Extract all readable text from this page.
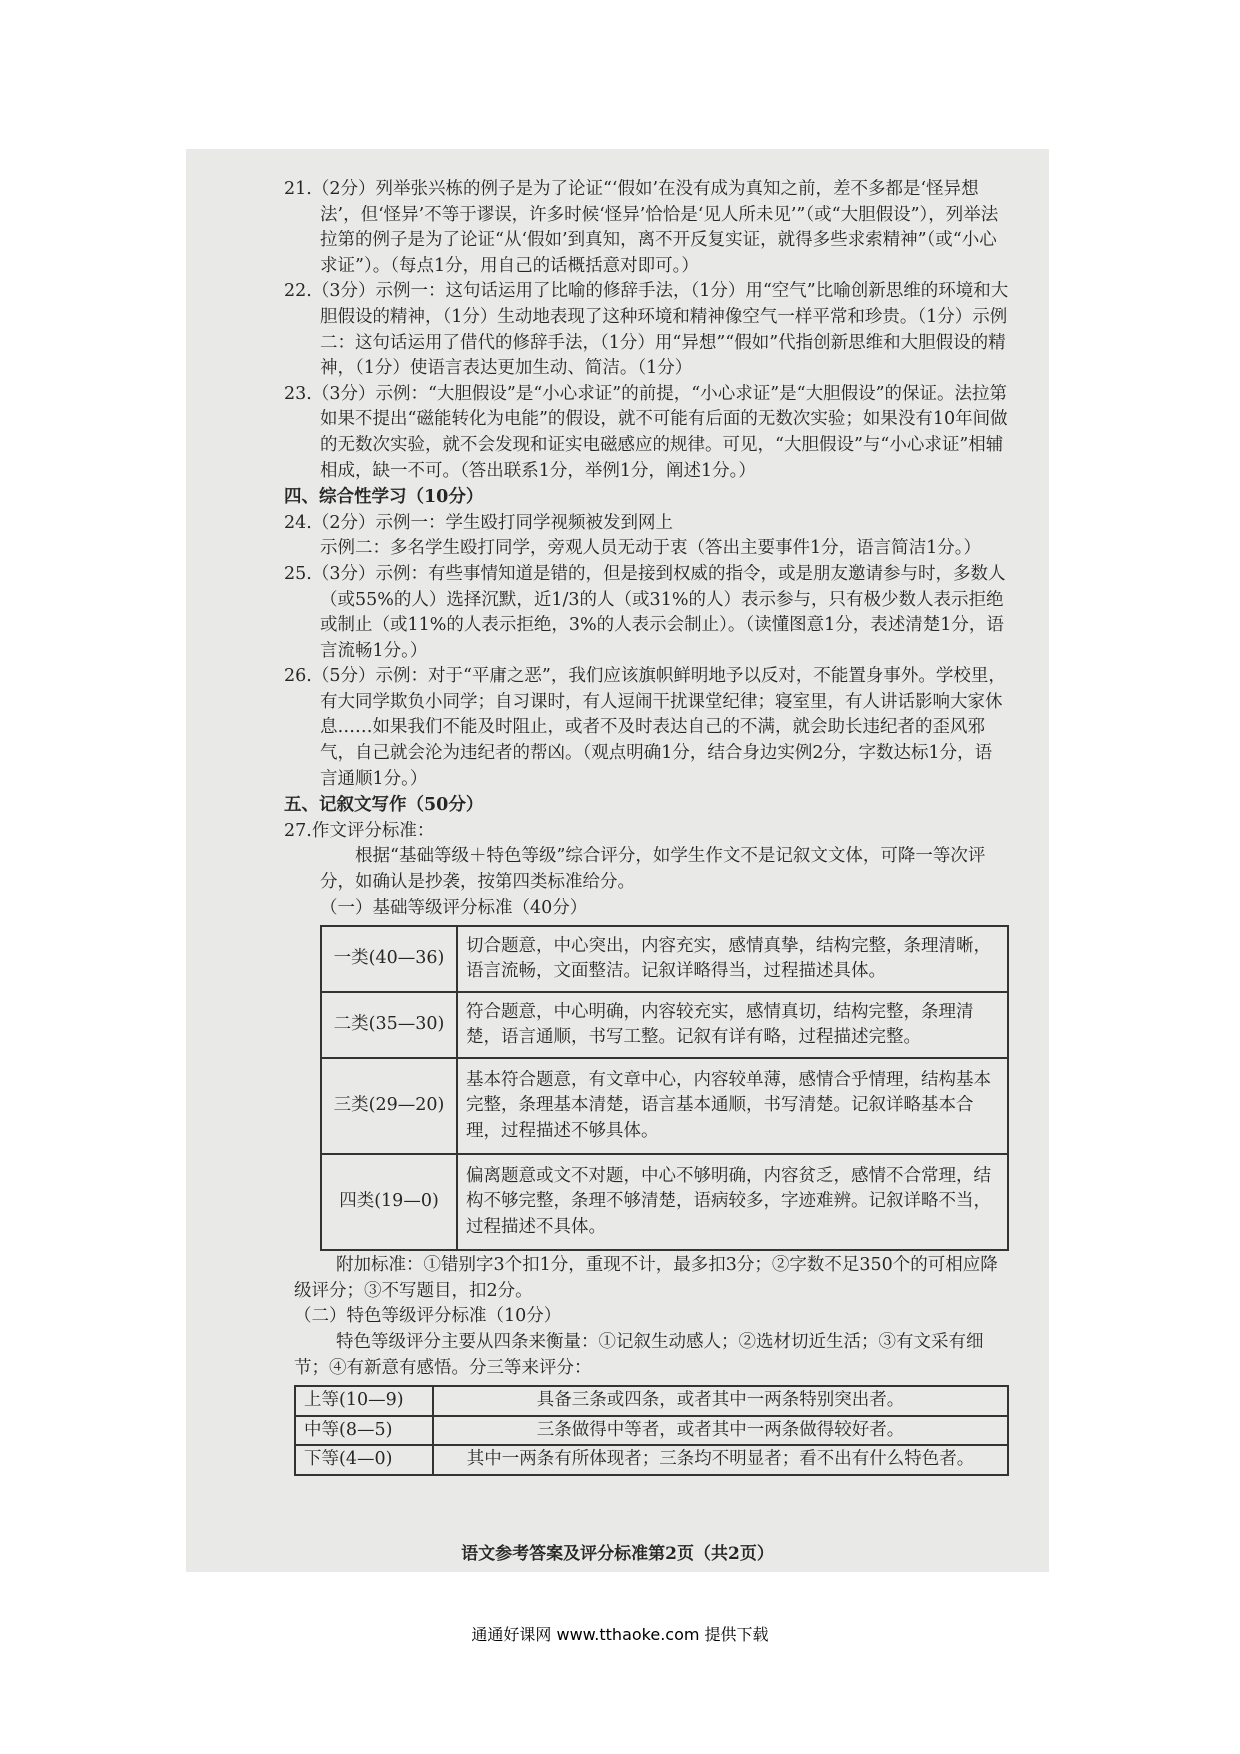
21.（2分）列举张兴栋的例子是为了论证“‘假如’在没有成为真知之前，差不多都是‘怪异想法’，但‘怪异’不等于谬误，许多时候‘怪异’恰恰是‘见人所未见’”（或“大胆假设”），列举法拉第的例子是为了论证“从‘假如’到真知，离不开反复实证，就得多些求索精神”（或“小心求证”）。（每点1分，用自己的话概括意对即可。）

22.（3分）示例一：这句话运用了比喻的修辞手法，（1分）用“空气”比喻创新思维的环境和大胆假设的精神，（1分）生动地表现了这种环境和精神像空气一样平常和珍贵。（1分）示例二：这句话运用了借代的修辞手法，（1分）用“异想”“假如”代指创新思维和大胆假设的精神，（1分）使语言表达更加生动、简洁。（1分）

23.（3分）示例：“大胆假设”是“小心求证”的前提，“小心求证”是“大胆假设”的保证。法拉第如果不提出“磁能转化为电能”的假设，就不可能有后面的无数次实验；如果没有10年间做的无数次实验，就不会发现和证实电磁感应的规律。可见，“大胆假设”与“小心求证”相辅相成，缺一不可。（答出联系1分，举例1分，阐述1分。）

四、综合性学习（10分）

24.（2分）示例一：学生殴打同学视频被发到网上

示例二：多名学生殴打同学，旁观人员无动于衷（答出主要事件1分，语言简洁1分。）

25.（3分）示例：有些事情知道是错的，但是接到权威的指令，或是朋友邀请参与时，多数人（或55%的人）选择沉默，近1/3的人（或31%的人）表示参与，只有极少数人表示拒绝或制止（或11%的人表示拒绝，3%的人表示会制止）。（读懂图意1分，表述清楚1分，语言流畅1分。）

26.（5分）示例：对于“平庸之恶”，我们应该旗帜鲜明地予以反对，不能置身事外。学校里，有大同学欺负小同学；自习课时，有人逗闹干扰课堂纪律；寝室里，有人讲话影响大家休息……如果我们不能及时阻止，或者不及时表达自己的不满，就会助长违纪者的歪风邪气，自己就会沦为违纪者的帮凶。（观点明确1分，结合身边实例2分，字数达标1分，语言通顺1分。）

五、记叙文写作（50分）

27.作文评分标准：

根据“基础等级＋特色等级”综合评分，如学生作文不是记叙文文体，可降一等次评分，如确认是抄袭，按第四类标准给分。

（一）基础等级评分标准（40分）

一类(40—36)	切合题意，中心突出，内容充实，感情真挚，结构完整，条理清晰，语言流畅，文面整洁。记叙详略得当，过程描述具体。
二类(35—30)	符合题意，中心明确，内容较充实，感情真切，结构完整，条理清楚，语言通顺，书写工整。记叙有详有略，过程描述完整。
三类(29—20)	基本符合题意，有文章中心，内容较单薄，感情合乎情理，结构基本完整，条理基本清楚，语言基本通顺，书写清楚。记叙详略基本合理，过程描述不够具体。
四类(19—0)	偏离题意或文不对题，中心不够明确，内容贫乏，感情不合常理，结构不够完整，条理不够清楚，语病较多，字迹难辨。记叙详略不当，过程描述不具体。

附加标准：①错别字3个扣1分，重现不计，最多扣3分；②字数不足350个的可相应降级评分；③不写题目，扣2分。

（二）特色等级评分标准（10分）

特色等级评分主要从四条来衡量：①记叙生动感人；②选材切近生活；③有文采有细节；④有新意有感悟。分三等来评分：

上等(10—9)	具备三条或四条，或者其中一两条特别突出者。
中等(8—5)	三条做得中等者，或者其中一两条做得较好者。
下等(4—0)	其中一两条有所体现者；三条均不明显者；看不出有什么特色者。
语文参考答案及评分标准第2页（共2页）
通通好课网 www.tthaoke.com 提供下载
